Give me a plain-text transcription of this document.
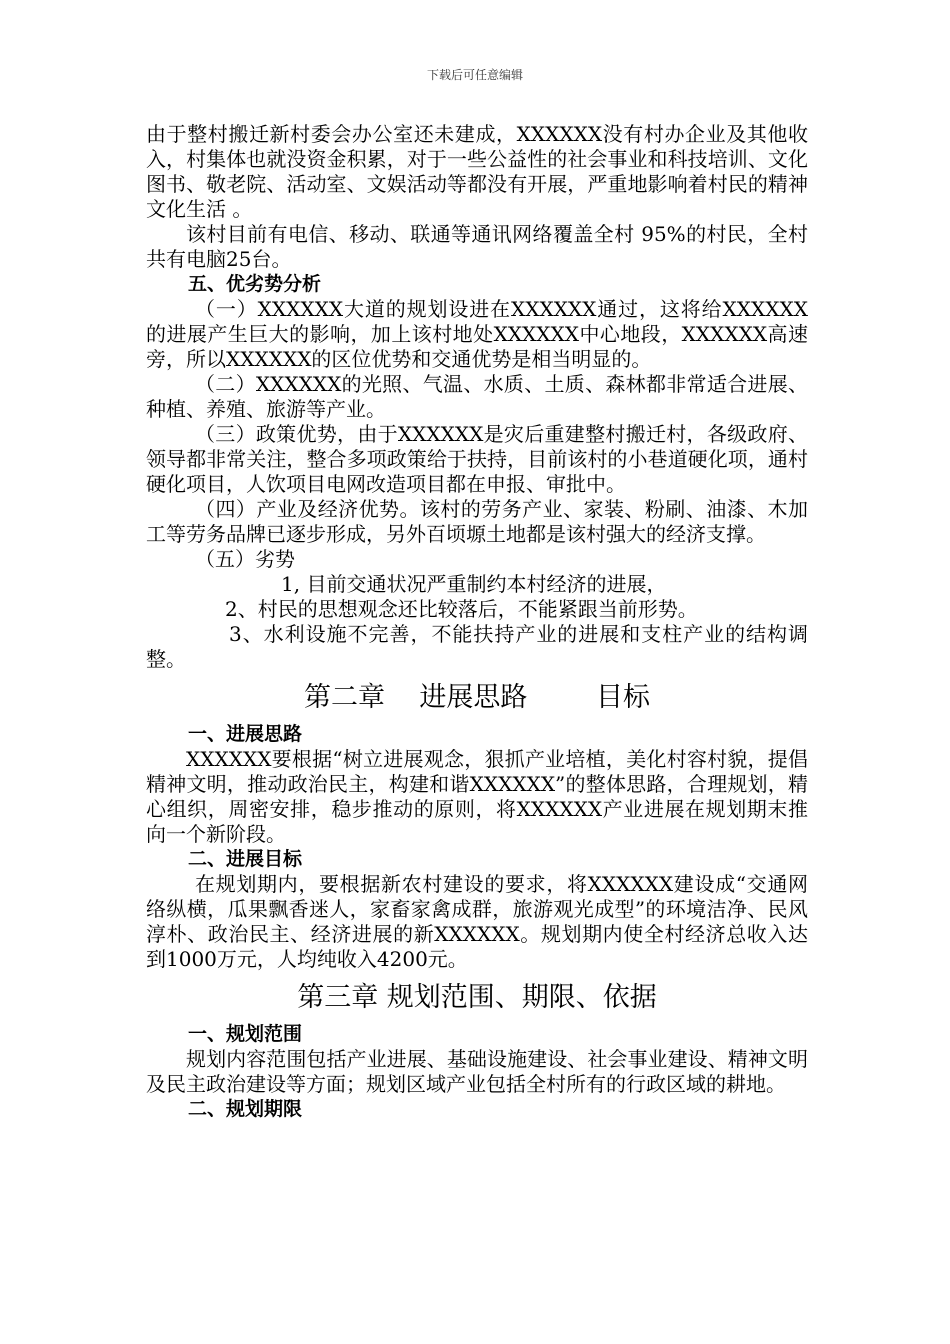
下载后可任意编辑

由于整村搬迁新村委会办公室还未建成，XXXXXX没有村办企业及其他收入，村集体也就没资金积累，对于一些公益性的社会事业和科技培训、文化图书、敬老院、活动室、文娱活动等都没有开展，严重地影响着村民的精神文化生活 。

该村目前有电信、移动、联通等通讯网络覆盖全村 95%的村民，全村共有电脑25台。

五、优劣势分析

（一）XXXXXX大道的规划设进在XXXXXX通过，这将给XXXXXX的进展产生巨大的影响，加上该村地处XXXXXX中心地段，XXXXXX高速旁，所以XXXXXX的区位优势和交通优势是相当明显的。

（二）XXXXXX的光照、气温、水质、土质、森林都非常适合进展、种植、养殖、旅游等产业。

（三）政策优势，由于XXXXXX是灾后重建整村搬迁村，各级政府、领导都非常关注，整合多项政策给于扶持，目前该村的小巷道硬化项，通村硬化项目，人饮项目电网改造项目都在申报、审批中。

（四）产业及经济优势。该村的劳务产业、家装、粉刷、油漆、木加工等劳务品牌已逐步形成，另外百顷塬土地都是该村强大的经济支撑。

（五）劣势

1, 目前交通状况严重制约本村经济的进展，

2、村民的思想观念还比较落后，不能紧跟当前形势。

3、水利设施不完善，不能扶持产业的进展和支柱产业的结构调整。

第二章    进展思路        目标

一、进展思路

XXXXXX要根据“树立进展观念，狠抓产业培植，美化村容村貌，提倡精神文明，推动政治民主，构建和谐XXXXXX”的整体思路，合理规划，精心组织，周密安排，稳步推动的原则，将XXXXXX产业进展在规划期末推向一个新阶段。

二、进展目标

在规划期内，要根据新农村建设的要求，将XXXXXX建设成“交通网络纵横，瓜果飘香迷人，家畜家禽成群，旅游观光成型”的环境洁净、民风淳朴、政治民主、经济进展的新XXXXXX。规划期内使全村经济总收入达到1000万元，人均纯收入4200元。

第三章 规划范围、期限、依据

一、规划范围

规划内容范围包括产业进展、基础设施建设、社会事业建设、精神文明及民主政治建设等方面；规划区域产业包括全村所有的行政区域的耕地。

二、规划期限
